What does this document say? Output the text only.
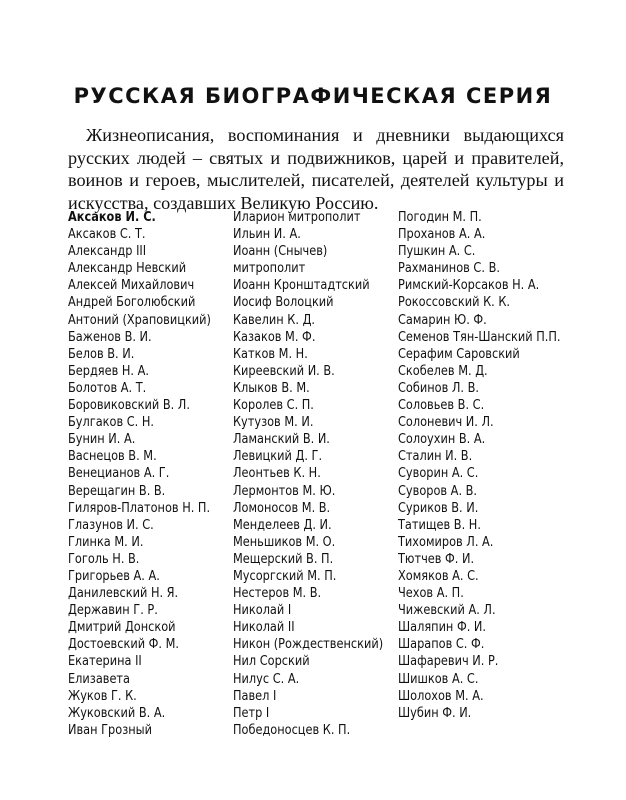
РУССКАЯ БИОГРАФИЧЕСКАЯ СЕРИЯ

Жизнеописания, воспоминания и дневники выдающихся русских людей – святых и подвижников, царей и правителей, воинов и героев, мыслителей, писателей, деятелей культуры и искусства, создавших Великую Россию.

Аксаков И. С.
Аксаков С. Т.
Александр III
Александр Невский
Алексей Михайлович
Андрей Боголюбский
Антоний (Храповицкий)
Баженов В. И.
Белов В. И.
Бердяев Н. А.
Болотов А. Т.
Боровиковский В. Л.
Булгаков С. Н.
Бунин И. А.
Васнецов В. М.
Венецианов А. Г.
Верещагин В. В.
Гиляров-Платонов Н. П.
Глазунов И. С.
Глинка М. И.
Гоголь Н. В.
Григорьев А. А.
Данилевский Н. Я.
Державин Г. Р.
Дмитрий Донской
Достоевский Ф. М.
Екатерина II
Елизавета
Жуков Г. К.
Жуковский В. А.
Иван Грозный
Иларион митрополит
Ильин И. А.
Иоанн (Снычев)
митрополит
Иоанн Кронштадтский
Иосиф Волоцкий
Кавелин К. Д.
Казаков М. Ф.
Катков М. Н.
Киреевский И. В.
Клыков В. М.
Королев С. П.
Кутузов М. И.
Ламанский В. И.
Левицкий Д. Г.
Леонтьев К. Н.
Лермонтов М. Ю.
Ломоносов М. В.
Менделеев Д. И.
Меньшиков М. О.
Мещерский В. П.
Мусоргский М. П.
Нестеров М. В.
Николай I
Николай II
Никон (Рождественский)
Нил Сорский
Нилус С. А.
Павел I
Петр I
Победоносцев К. П.
Погодин М. П.
Проханов А. А.
Пушкин А. С.
Рахманинов С. В.
Римский-Корсаков Н. А.
Рокоссовский К. К.
Самарин Ю. Ф.
Семенов Тян-Шанский П.П.
Серафим Саровский
Скобелев М. Д.
Собинов Л. В.
Соловьев В. С.
Солоневич И. Л.
Солоухин В. А.
Сталин И. В.
Суворин А. С.
Суворов А. В.
Суриков В. И.
Татищев В. Н.
Тихомиров Л. А.
Тютчев Ф. И.
Хомяков А. С.
Чехов А. П.
Чижевский А. Л.
Шаляпин Ф. И.
Шарапов С. Ф.
Шафаревич И. Р.
Шишков А. С.
Шолохов М. А.
Шубин Ф. И.
